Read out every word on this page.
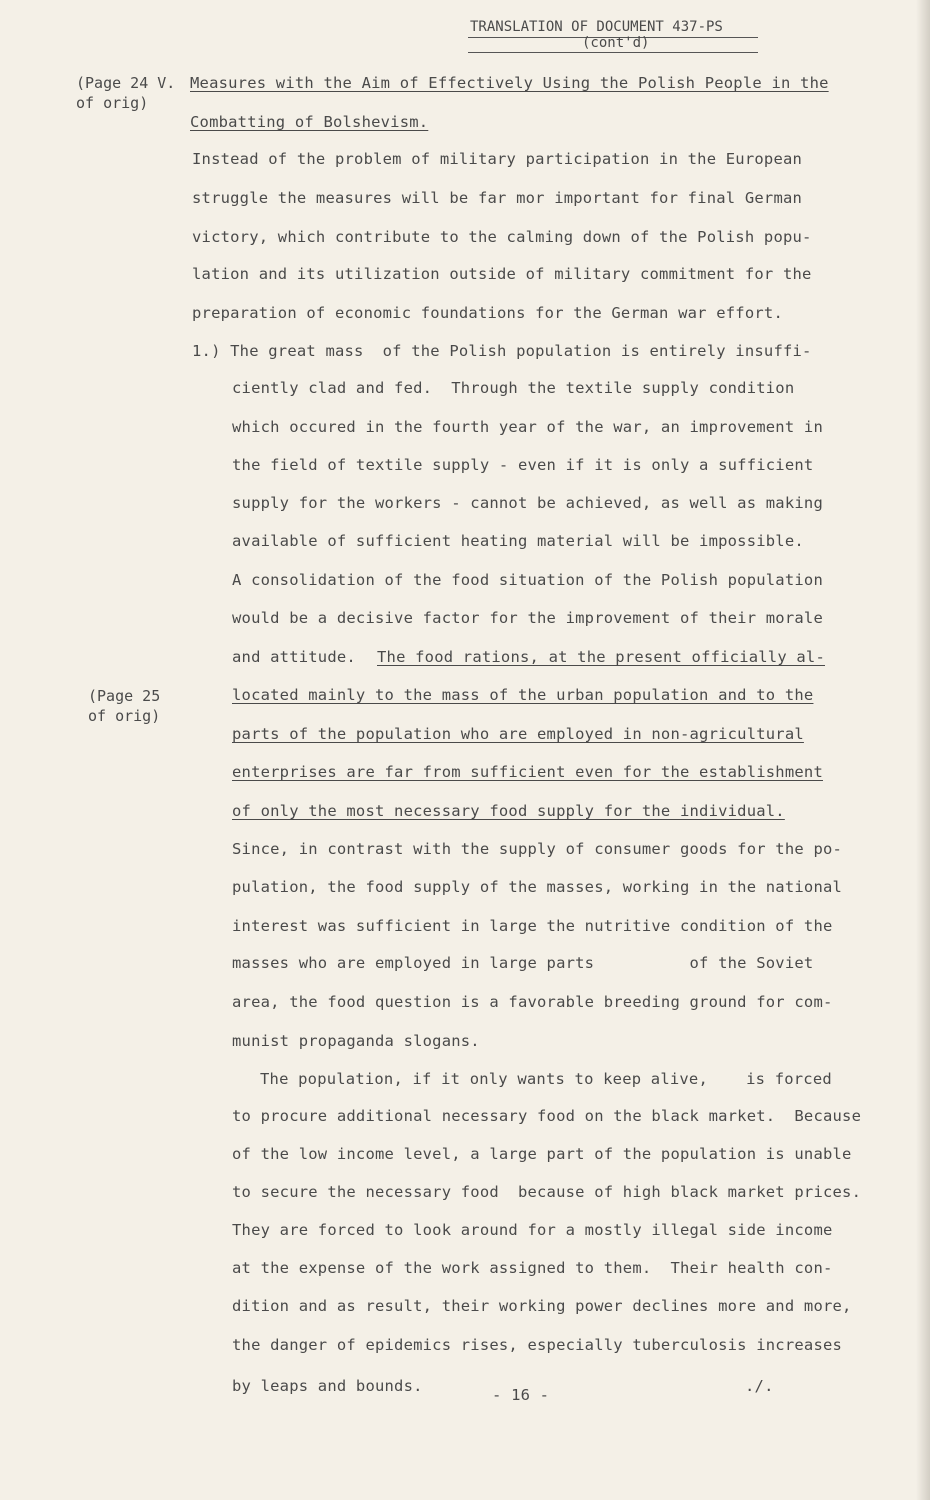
TRANSLATION OF DOCUMENT 437-PS
(cont'd)
(Page 24 V.
of orig)
(Page 25
of orig)
Measures with the Aim of Effectively Using the Polish People in the
Combatting of Bolshevism.
Instead of the problem of military participation in the European
struggle the measures will be far mor important for final German
victory, which contribute to the calming down of the Polish popu-
lation and its utilization outside of military commitment for the
preparation of economic foundations for the German war effort.
1.) The great mass  of the Polish population is entirely insuffi-
ciently clad and fed.  Through the textile supply condition
which occured in the fourth year of the war, an improvement in
the field of textile supply - even if it is only a sufficient
supply for the workers - cannot be achieved, as well as making
available of sufficient heating material will be impossible.
A consolidation of the food situation of the Polish population
would be a decisive factor for the improvement of their morale
and attitude. The food rations, at the present officially al-
located mainly to the mass of the urban population and to the
parts of the population who are employed in non-agricultural
enterprises are far from sufficient even for the establishment
of only the most necessary food supply for the individual.
Since, in contrast with the supply of consumer goods for the po-
pulation, the food supply of the masses, working in the national
interest was sufficient in large the nutritive condition of the
masses who are employed in large parts          of the Soviet
area, the food question is a favorable breeding ground for com-
munist propaganda slogans.
The population, if it only wants to keep alive,    is forced
to procure additional necessary food on the black market.  Because
of the low income level, a large part of the population is unable
to secure the necessary food  because of high black market prices.
They are forced to look around for a mostly illegal side income
at the expense of the work assigned to them.  Their health con-
dition and as result, their working power declines more and more,
the danger of epidemics rises, especially tuberculosis increases
by leaps and bounds.	- 16 -	./.
